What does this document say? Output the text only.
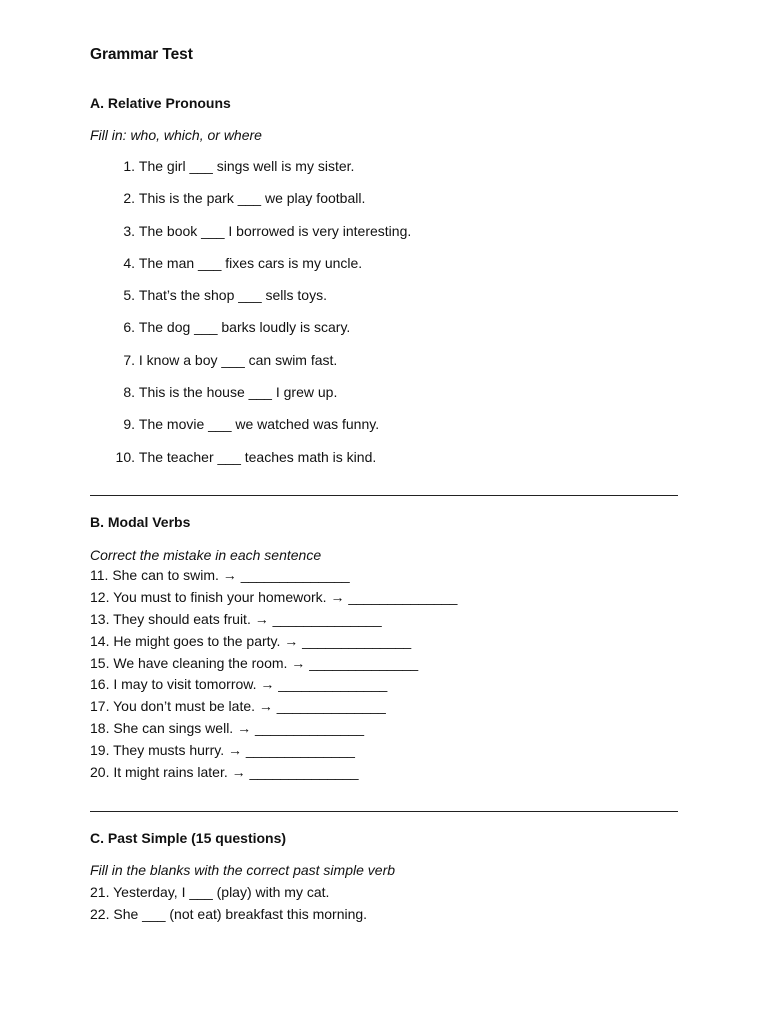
Grammar Test
A. Relative Pronouns
Fill in: who, which, or where
1. The girl ___ sings well is my sister.
2. This is the park ___ we play football.
3. The book ___ I borrowed is very interesting.
4. The man ___ fixes cars is my uncle.
5. That’s the shop ___ sells toys.
6. The dog ___ barks loudly is scary.
7. I know a boy ___ can swim fast.
8. This is the house ___ I grew up.
9. The movie ___ we watched was funny.
10. The teacher ___ teaches math is kind.
B. Modal Verbs
Correct the mistake in each sentence
11. She can to swim. → ______________
12. You must to finish your homework. → ______________
13. They should eats fruit. → ______________
14. He might goes to the party. → ______________
15. We have cleaning the room. → ______________
16. I may to visit tomorrow. → ______________
17. You don’t must be late. → ______________
18. She can sings well. → ______________
19. They musts hurry. → ______________
20. It might rains later. → ______________
C. Past Simple (15 questions)
Fill in the blanks with the correct past simple verb
21. Yesterday, I ___ (play) with my cat.
22. She ___ (not eat) breakfast this morning.
